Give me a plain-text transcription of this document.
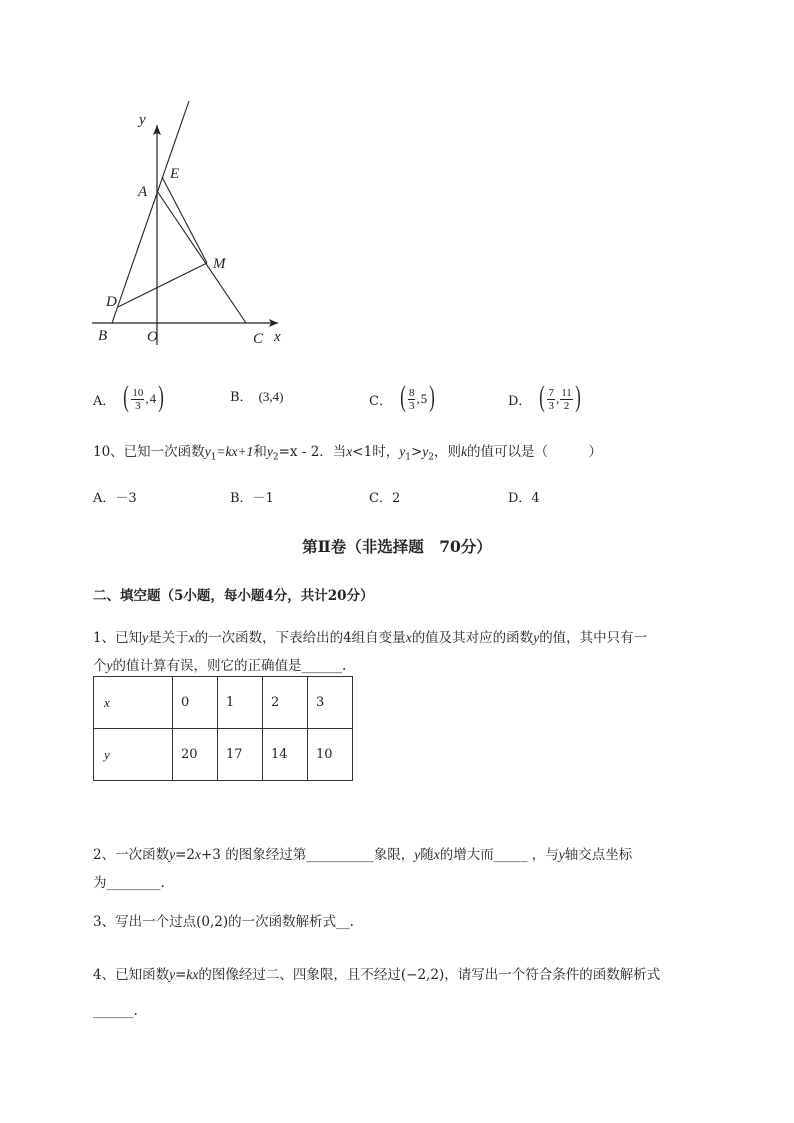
y
E
A
M
D
B	O	C x
A． ( $\frac{10}{3}$ , 4 )	B． ( 3 , 4 )	C． ( $\frac{8}{3}$ , 5 )	D． ( $\frac{7}{3}$ , $\frac{11}{2}$ )
10、已知一次函数$y_1=kx+1$和$y_2=x - 2$．当x<1时，$y_1>y_2$，则k的值可以是（　　　）
A．－3	B．－1	C．2	D．4
第Ⅱ卷（非选择题　70分）
二、填空题（5小题，每小题4分，共计20分）
1、已知y是关于x的一次函数，下表给出的4组自变量x的值及其对应的函数y的值，其中只有一
个y的值计算有误，则它的正确值是______.
x	0	1	2	3
y	20	17	14	10
2、一次函数y=2x+3 的图象经过第__________象限，y随x的增大而_____ ，与y轴交点坐标
为________.
3、写出一个过点(0,2)的一次函数解析式__.
4、已知函数y=kx的图像经过二、四象限，且不经过(−2,2)，请写出一个符合条件的函数解析式
______.
